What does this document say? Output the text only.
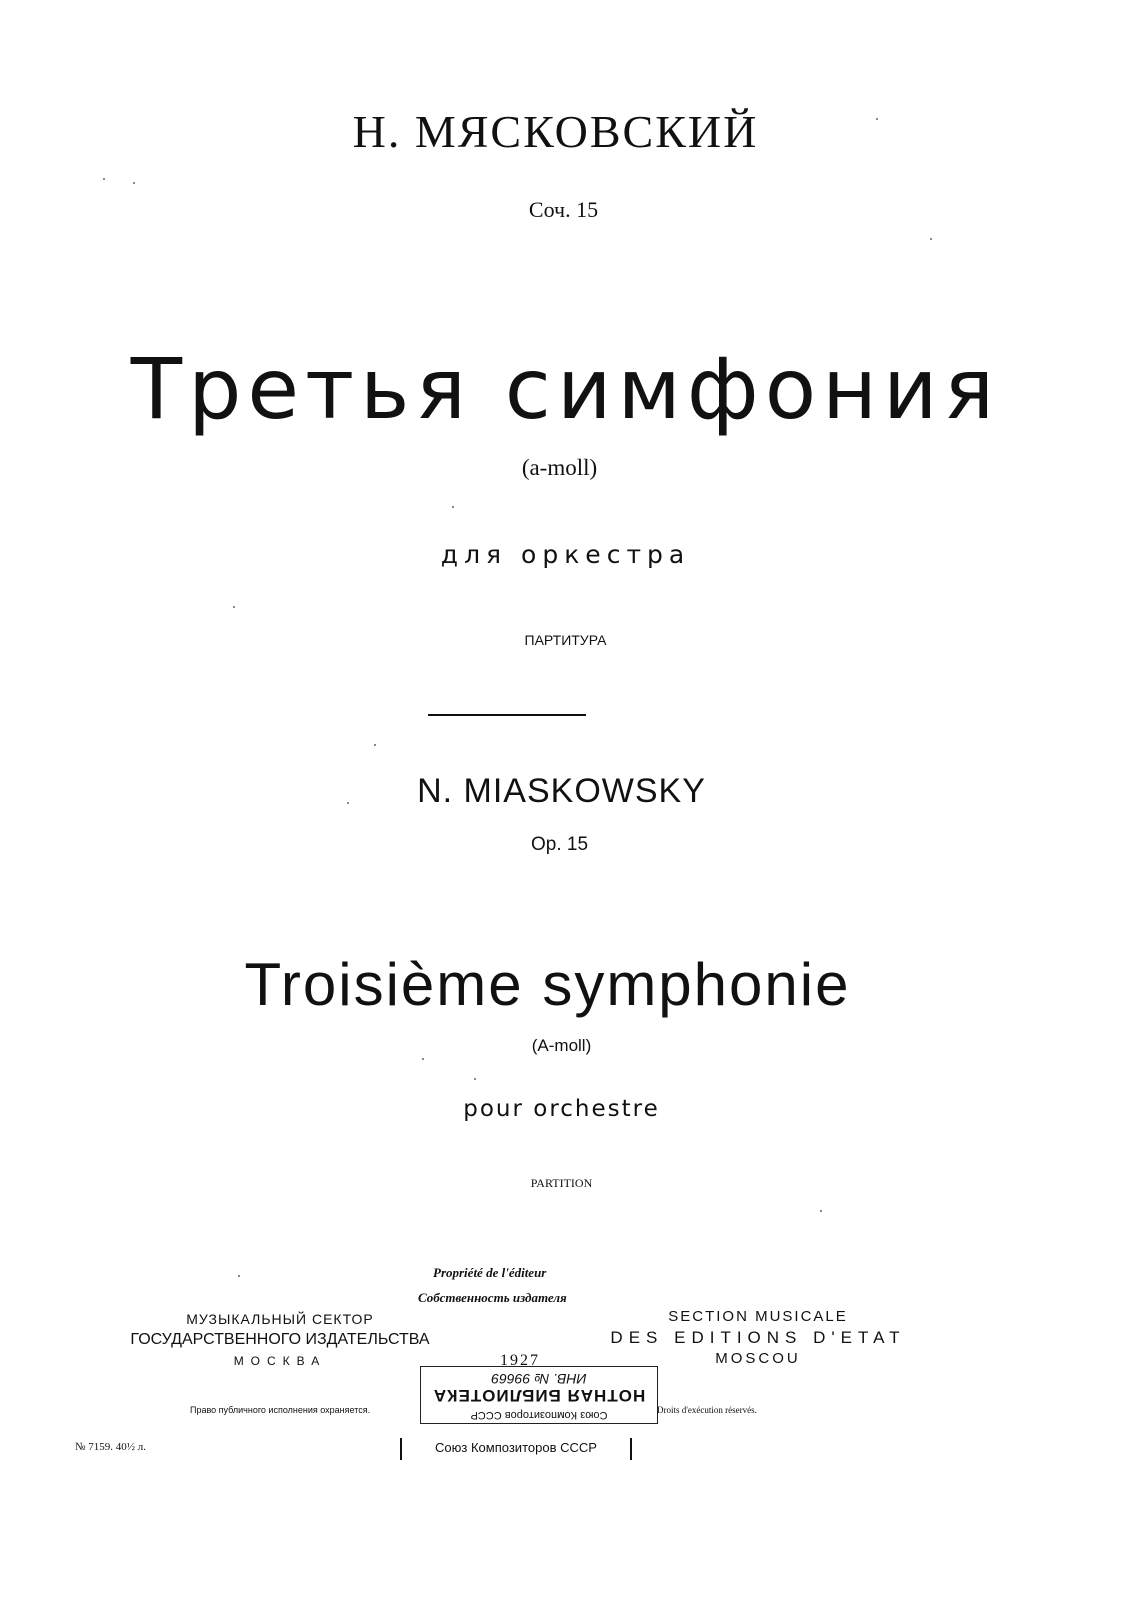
Н. МЯСКОВСКИЙ
Соч. 15
Третья симфония
(a-moll)
для оркестра
ПАРТИТУРА
N. MIASKOWSKY
Op. 15
Troisième symphonie
(A-moll)
pour orchestre
PARTITION
Propriété de l'éditeur
Собственность издателя
МУЗЫКАЛЬНЫЙ СЕКТОР
ГОСУДАРСТВЕННОГО ИЗДАТЕЛЬСТВА
МОСКВА
SECTION MUSICALE
DES EDITIONS D'ETAT
MOSCOU
1927
Союз Композиторов СССР
НОТНАЯ БИБЛИОТЕКА
ИНВ. № 99669
Право публичного исполнения охраняется.	Droits d'exécution réservés.
№ 7159. 40½ л.	Союз Композиторов СССР
